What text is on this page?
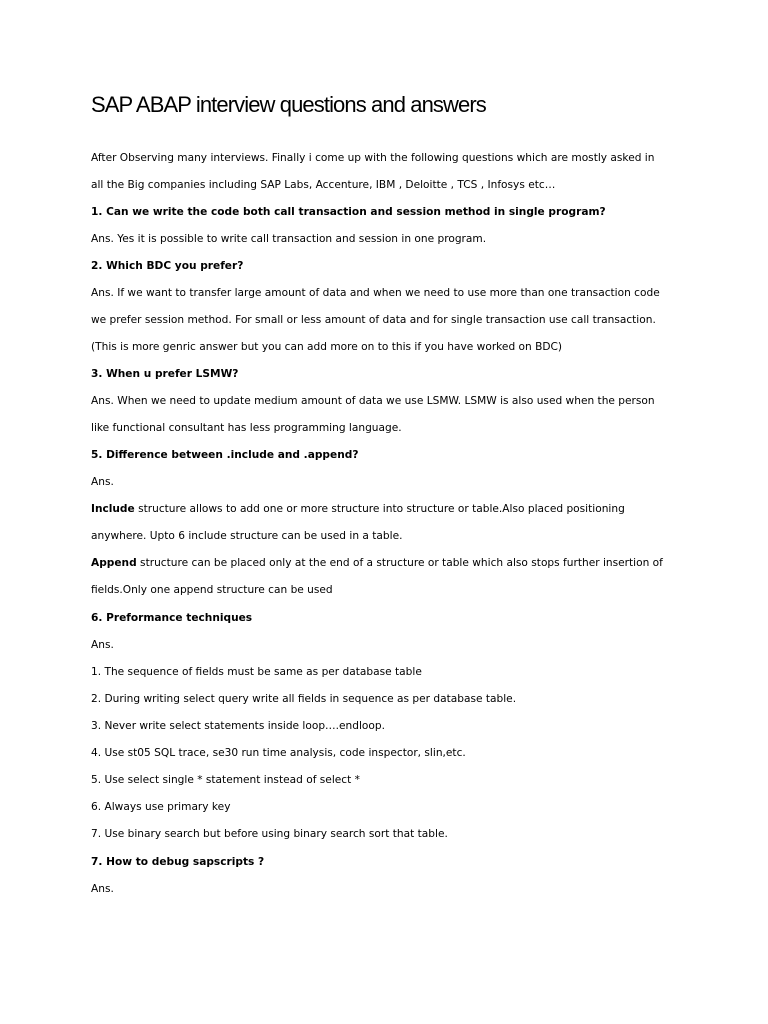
SAP ABAP interview questions and answers
After Observing many interviews. Finally i come up with the following questions which are mostly asked in
all the Big companies including SAP Labs, Accenture, IBM , Deloitte , TCS , Infosys etc…
1. Can we write the code both call transaction and session method in single program?
Ans. Yes it is possible to write call transaction and session in one program.
2. Which BDC you prefer?
Ans. If we want to transfer large amount of data and when we need to use more than one transaction code
we prefer session method. For small or less amount of data and for single transaction use call transaction.
(This is more genric answer but you can add more on to this if you have worked on BDC)
3. When u prefer LSMW?
Ans. When we need to update medium amount of data we use LSMW. LSMW is also used when the person
like functional consultant has less programming language.
5. Difference between .include and .append?
Ans.
Include structure allows to add one or more structure into structure or table.Also placed positioning
anywhere. Upto 6 include structure can be used in a table.
Append structure can be placed only at the end of a structure or table which also stops further insertion of
fields.Only one append structure can be used
6. Preformance techniques
Ans.
1. The sequence of fields must be same as per database table
2. During writing select query write all fields in sequence as per database table.
3. Never write select statements inside loop….endloop.
4. Use st05 SQL trace, se30 run time analysis, code inspector, slin,etc.
5. Use select single * statement instead of select *
6. Always use primary key
7. Use binary search but before using binary search sort that table.
7. How to debug sapscripts ?
Ans.
